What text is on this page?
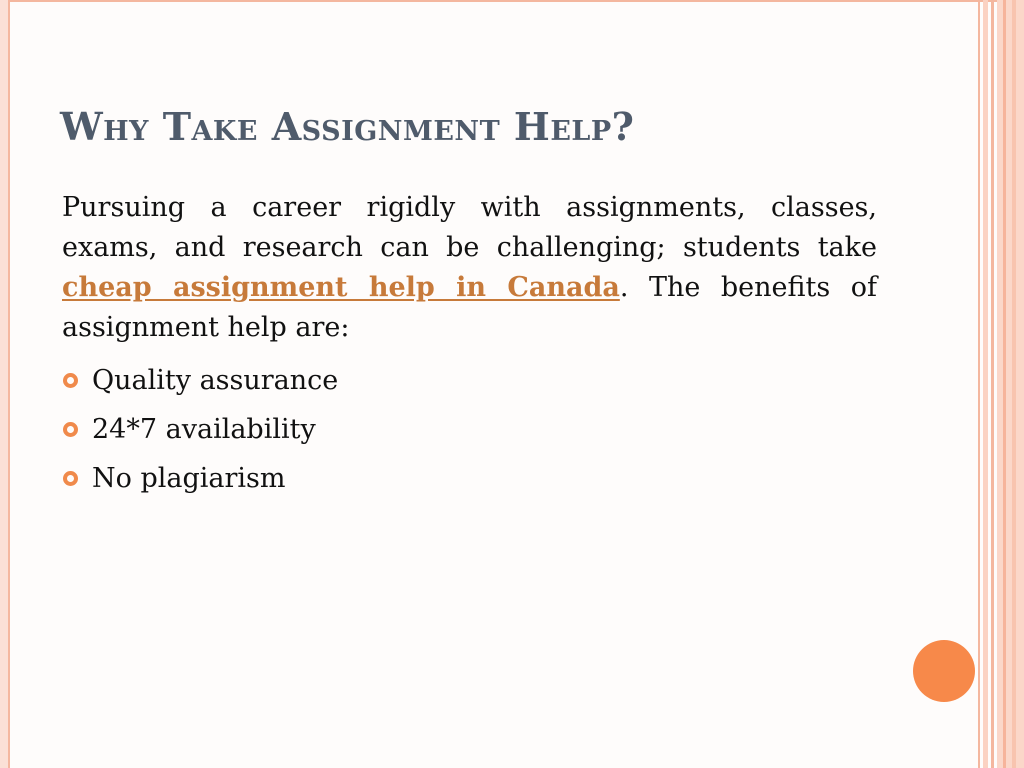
Why Take Assignment Help?

Pursuing a career rigidly with assignments, classes, exams, and research can be challenging; students take cheap assignment help in Canada. The benefits of assignment help are:

Quality assurance
24*7 availability
No plagiarism
